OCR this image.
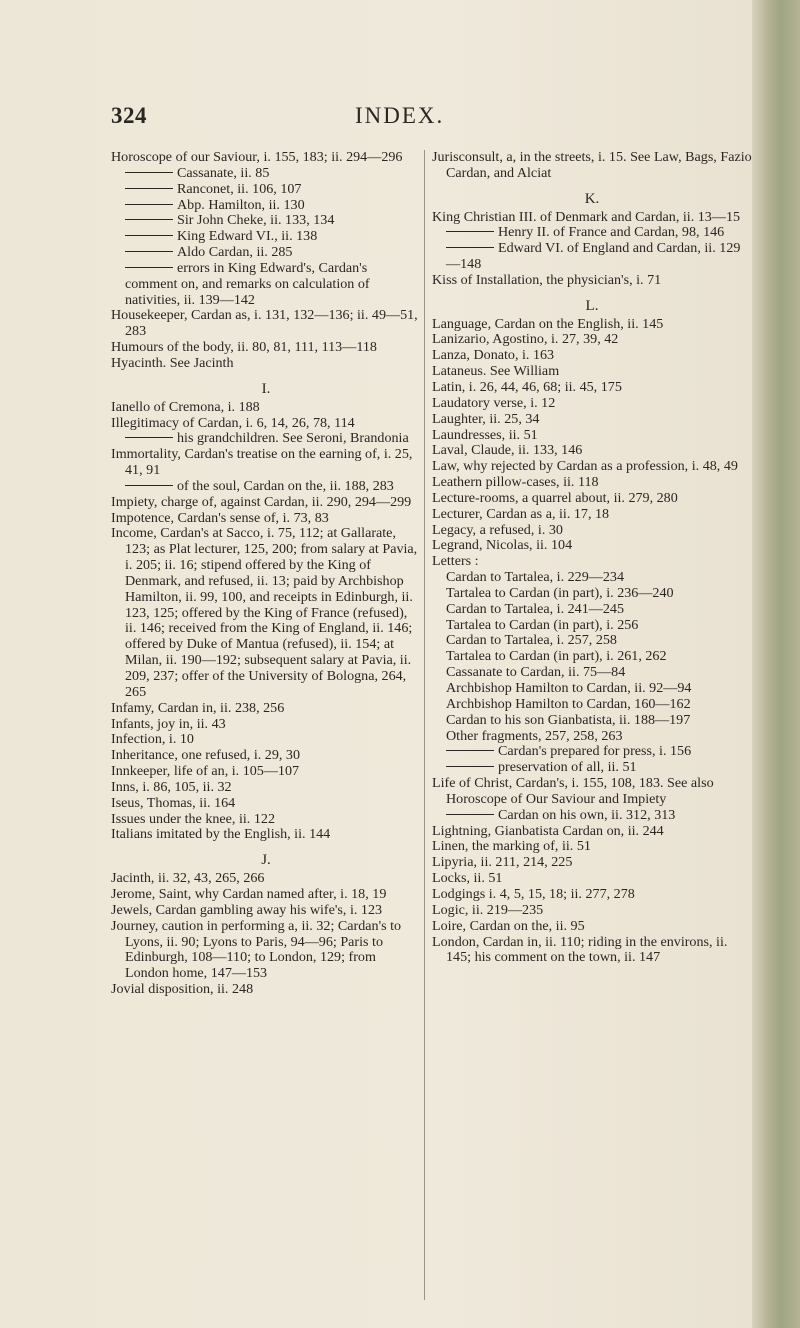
324	INDEX.

Horoscope of our Saviour, i. 155, 183; ii. 294—296

Cassanate, ii. 85

Ranconet, ii. 106, 107

Abp. Hamilton, ii. 130

Sir John Cheke, ii. 133, 134

King Edward VI., ii. 138

Aldo Cardan, ii. 285

errors in King Edward's, Cardan's comment on, and remarks on calculation of nativities, ii. 139—142

Housekeeper, Cardan as, i. 131, 132—136; ii. 49—51, 283

Humours of the body, ii. 80, 81, 111, 113—118

Hyacinth. See Jacinth

I.

Ianello of Cremona, i. 188

Illegitimacy of Cardan, i. 6, 14, 26, 78, 114

his grandchildren. See Seroni, Brandonia

Immortality, Cardan's treatise on the earning of, i. 25, 41, 91

of the soul, Cardan on the, ii. 188, 283

Impiety, charge of, against Cardan, ii. 290, 294—299

Impotence, Cardan's sense of, i. 73, 83

Income, Cardan's at Sacco, i. 75, 112; at Gallarate, 123; as Plat lecturer, 125, 200; from salary at Pavia, i. 205; ii. 16; stipend offered by the King of Denmark, and refused, ii. 13; paid by Archbishop Hamilton, ii. 99, 100, and receipts in Edinburgh, ii. 123, 125; offered by the King of France (refused), ii. 146; received from the King of England, ii. 146; offered by Duke of Mantua (refused), ii. 154; at Milan, ii. 190—192; subsequent salary at Pavia, ii. 209, 237; offer of the University of Bologna, 264, 265

Infamy, Cardan in, ii. 238, 256

Infants, joy in, ii. 43

Infection, i. 10

Inheritance, one refused, i. 29, 30

Innkeeper, life of an, i. 105—107

Inns, i. 86, 105, ii. 32

Iseus, Thomas, ii. 164

Issues under the knee, ii. 122

Italians imitated by the English, ii. 144

J.

Jacinth, ii. 32, 43, 265, 266

Jerome, Saint, why Cardan named after, i. 18, 19

Jewels, Cardan gambling away his wife's, i. 123

Journey, caution in performing a, ii. 32; Cardan's to Lyons, ii. 90; Lyons to Paris, 94—96; Paris to Edinburgh, 108—110; to London, 129; from London home, 147—153

Jovial disposition, ii. 248

Jurisconsult, a, in the streets, i. 15. See Law, Bags, Fazio Cardan, and Alciat

K.

King Christian III. of Denmark and Cardan, ii. 13—15

Henry II. of France and Cardan, 98, 146

Edward VI. of England and Cardan, ii. 129—148

Kiss of Installation, the physician's, i. 71

L.

Language, Cardan on the English, ii. 145

Lanizario, Agostino, i. 27, 39, 42

Lanza, Donato, i. 163

Lataneus. See William

Latin, i. 26, 44, 46, 68; ii. 45, 175

Laudatory verse, i. 12

Laughter, ii. 25, 34

Laundresses, ii. 51

Laval, Claude, ii. 133, 146

Law, why rejected by Cardan as a profession, i. 48, 49

Leathern pillow-cases, ii. 118

Lecture-rooms, a quarrel about, ii. 279, 280

Lecturer, Cardan as a, ii. 17, 18

Legacy, a refused, i. 30

Legrand, Nicolas, ii. 104

Letters :

Cardan to Tartalea, i. 229—234

Tartalea to Cardan (in part), i. 236—240

Cardan to Tartalea, i. 241—245

Tartalea to Cardan (in part), i. 256

Cardan to Tartalea, i. 257, 258

Tartalea to Cardan (in part), i. 261, 262

Cassanate to Cardan, ii. 75—84

Archbishop Hamilton to Cardan, ii. 92—94

Archbishop Hamilton to Cardan, 160—162

Cardan to his son Gianbatista, ii. 188—197

Other fragments, 257, 258, 263

Cardan's prepared for press, i. 156

preservation of all, ii. 51

Life of Christ, Cardan's, i. 155, 108, 183. See also Horoscope of Our Saviour and Impiety

Cardan on his own, ii. 312, 313

Lightning, Gianbatista Cardan on, ii. 244

Linen, the marking of, ii. 51

Lipyria, ii. 211, 214, 225

Locks, ii. 51

Lodgings i. 4, 5, 15, 18; ii. 277, 278

Logic, ii. 219—235

Loire, Cardan on the, ii. 95

London, Cardan in, ii. 110; riding in the environs, ii. 145; his comment on the town, ii. 147
